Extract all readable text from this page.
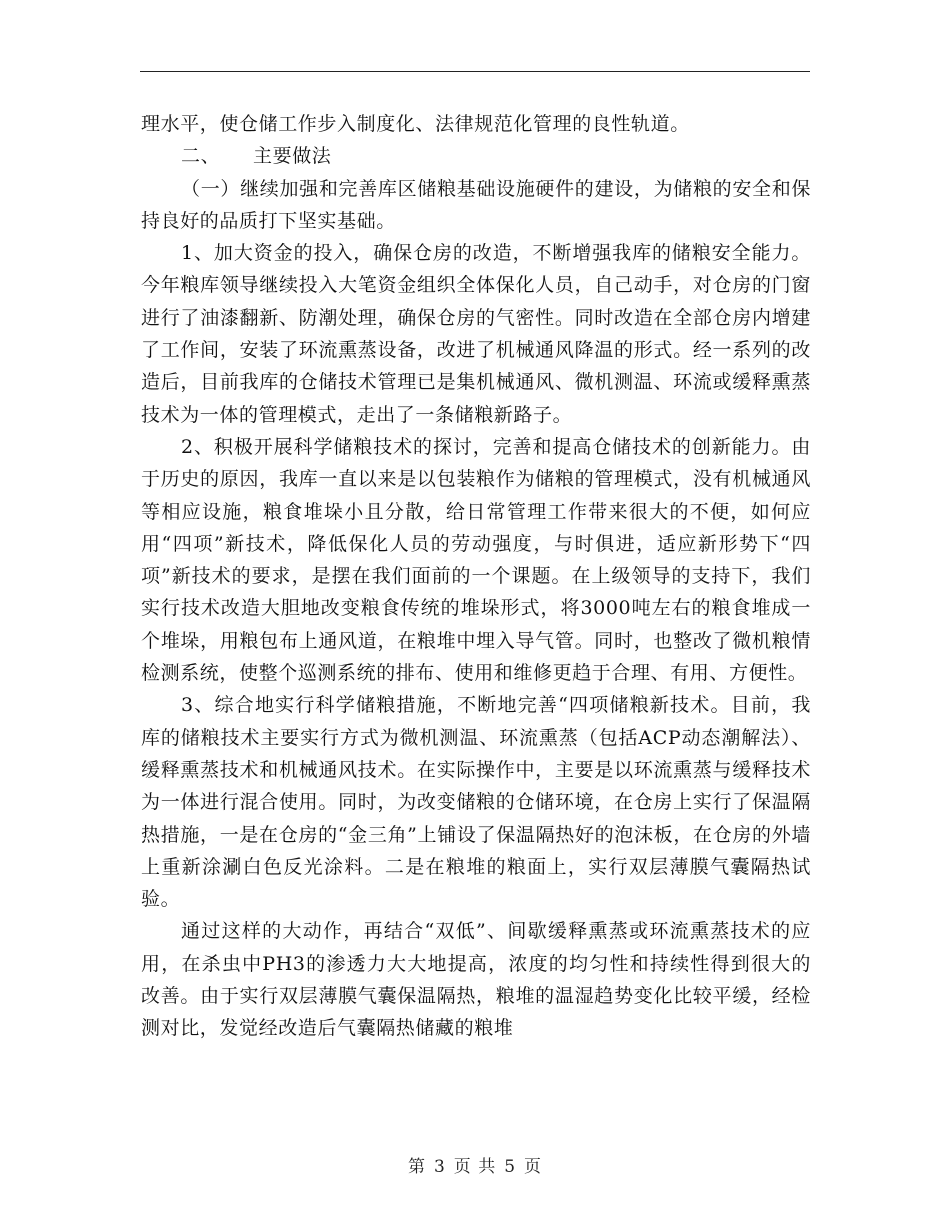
理水平，使仓储工作步入制度化、法律规范化管理的良性轨道。

二、 主要做法

（一）继续加强和完善库区储粮基础设施硬件的建设，为储粮的安全和保持良好的品质打下坚实基础。

1、加大资金的投入，确保仓房的改造，不断增强我库的储粮安全能力。今年粮库领导继续投入大笔资金组织全体保化人员，自己动手，对仓房的门窗进行了油漆翻新、防潮处理，确保仓房的气密性。同时改造在全部仓房内增建了工作间，安装了环流熏蒸设备，改进了机械通风降温的形式。经一系列的改造后，目前我库的仓储技术管理已是集机械通风、微机测温、环流或缓释熏蒸技术为一体的管理模式，走出了一条储粮新路子。

2、积极开展科学储粮技术的探讨，完善和提高仓储技术的创新能力。由于历史的原因，我库一直以来是以包装粮作为储粮的管理模式，没有机械通风等相应设施，粮食堆垛小且分散，给日常管理工作带来很大的不便，如何应用“四项”新技术，降低保化人员的劳动强度，与时俱进，适应新形势下“四项”新技术的要求，是摆在我们面前的一个课题。在上级领导的支持下，我们实行技术改造大胆地改变粮食传统的堆垛形式，将3000吨左右的粮食堆成一个堆垛，用粮包布上通风道，在粮堆中埋入导气管。同时，也整改了微机粮情检测系统，使整个巡测系统的排布、使用和维修更趋于合理、有用、方便性。

3、综合地实行科学储粮措施，不断地完善“四项储粮新技术。目前，我库的储粮技术主要实行方式为微机测温、环流熏蒸（包括ACP动态潮解法）、缓释熏蒸技术和机械通风技术。在实际操作中，主要是以环流熏蒸与缓释技术为一体进行混合使用。同时，为改变储粮的仓储环境，在仓房上实行了保温隔热措施，一是在仓房的“金三角”上铺设了保温隔热好的泡沫板，在仓房的外墙上重新涂涮白色反光涂料。二是在粮堆的粮面上，实行双层薄膜气囊隔热试验。

通过这样的大动作，再结合“双低”、间歇缓释熏蒸或环流熏蒸技术的应用，在杀虫中PH3的渗透力大大地提高，浓度的均匀性和持续性得到很大的改善。由于实行双层薄膜气囊保温隔热，粮堆的温湿趋势变化比较平缓，经检测对比，发觉经改造后气囊隔热储藏的粮堆

第 3 页 共 5 页
